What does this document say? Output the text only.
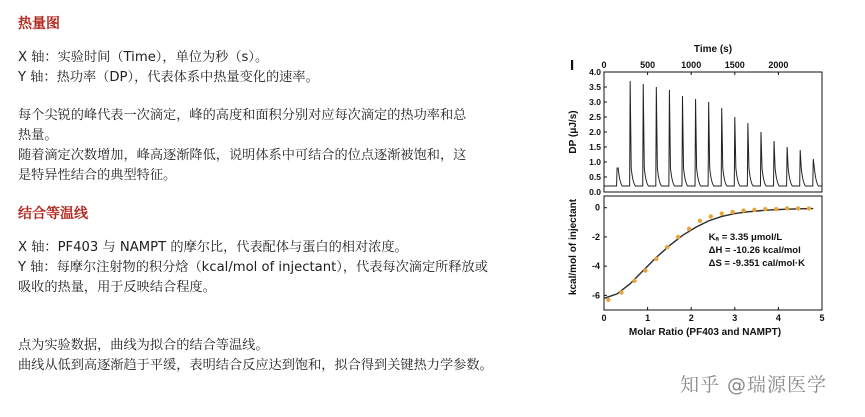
热量图
X 轴：实验时间（Time），单位为秒（s）。
Y 轴：热功率（DP），代表体系中热量变化的速率。
每个尖锐的峰代表一次滴定，峰的高度和面积分别对应每次滴定的热功率和总
热量。
随着滴定次数增加，峰高逐渐降低，说明体系中可结合的位点逐渐被饱和，这
是特异性结合的典型特征。
结合等温线
X 轴：PF403 与 NAMPT 的摩尔比，代表配体与蛋白的相对浓度。
Y 轴：每摩尔注射物的积分焓（kcal/mol of injectant），代表每次滴定所释放或
吸收的热量，用于反映结合程度。
点为实验数据，曲线为拟合的结合等温线。
曲线从低到高逐渐趋于平缓，表明结合反应达到饱和，拟合得到关键热力学参数。
I
Time (s)
0	500	1000	1500	2000
0.0
0.5
1.0
1.5
2.0
2.5
3.0
3.5
4.0
DP (μJ/s)
0	1	2	3	4	5
0
-2
-4
-6
Molar Ratio (PF403 and NAMPT)
kcal/mol of injectant	Kₐ = 3.35 μmol/L
ΔH = -10.26 kcal/mol
ΔS = -9.351 cal/mol·K
知乎 @瑞源医学
